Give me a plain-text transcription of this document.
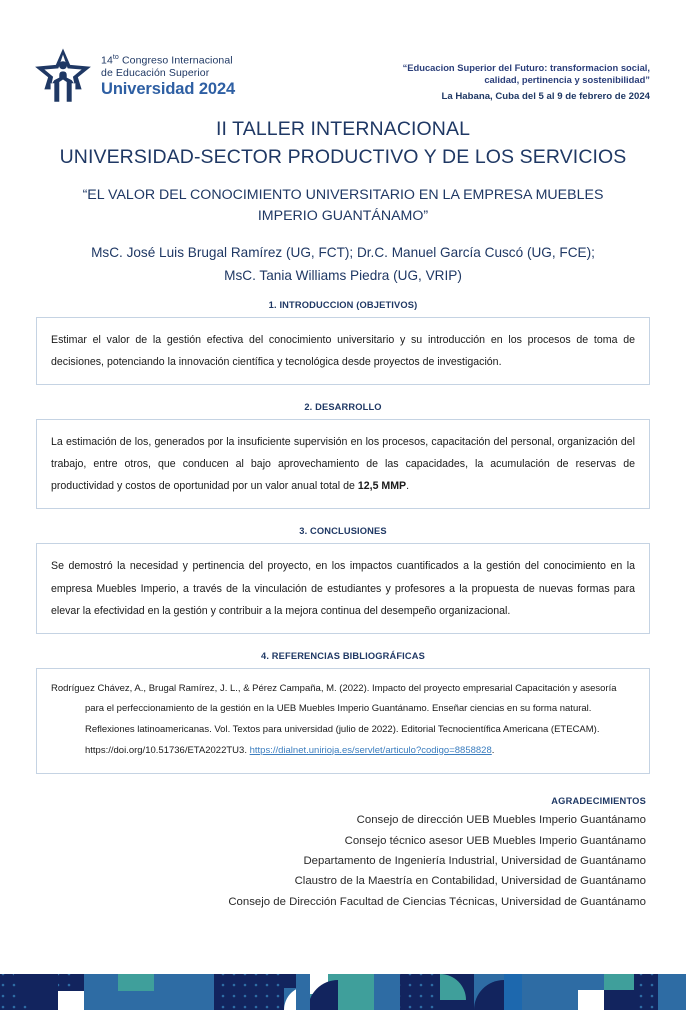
$14^{to}$ Congreso Internacional
de Educación Superior
Universidad 2024
“Educacion Superior del Futuro: transformacion social,
calidad, pertinencia y sostenibilidad”
La Habana, Cuba del 5 al 9 de febrero de 2024
II TALLER INTERNACIONAL
UNIVERSIDAD-SECTOR PRODUCTIVO Y DE LOS SERVICIOS
“EL VALOR DEL CONOCIMIENTO UNIVERSITARIO EN LA EMPRESA MUEBLES IMPERIO GUANTÁNAMO”
MsC. José Luis Brugal Ramírez (UG, FCT); Dr.C. Manuel García Cuscó (UG, FCE);
MsC. Tania Williams Piedra (UG, VRIP)
1. INTRODUCCION (OBJETIVOS)

Estimar el valor de la gestión efectiva del conocimiento universitario y su introducción en los procesos de toma de decisiones, potenciando la innovación científica y tecnológica desde proyectos de investigación.

2. DESARROLLO

La estimación de los, generados por la insuficiente supervisión en los procesos, capacitación del personal, organización del trabajo, entre otros, que conducen al bajo aprovechamiento de las capacidades, la acumulación de reservas de productividad y costos de oportunidad por un valor anual total de 12,5 MMP.

3. CONCLUSIONES

Se demostró la necesidad y pertinencia del proyecto, en los impactos cuantificados a la gestión del conocimiento en la empresa Muebles Imperio, a través de la vinculación de estudiantes y profesores a la propuesta de nuevas formas para elevar la efectividad en la gestión y contribuir a la mejora continua del desempeño organizacional.

4. REFERENCIAS BIBLIOGRÁFICAS

Rodríguez Chávez, A., Brugal Ramírez, J. L., & Pérez Campaña, M. (2022). Impacto del proyecto empresarial Capacitación y asesoría para el perfeccionamiento de la gestión en la UEB Muebles Imperio Guantánamo. Enseñar ciencias en su forma natural. Reflexiones latinoamericanas. Vol. Textos para universidad (julio de 2022). Editorial Tecnocientífica Americana (ETECAM). https://doi.org/10.51736/ETA2022TU3. https://dialnet.unirioja.es/servlet/articulo?codigo=8858828.

AGRADECIMIENTOS
Consejo de dirección UEB Muebles Imperio Guantánamo
Consejo técnico asesor UEB Muebles Imperio Guantánamo
Departamento de Ingeniería Industrial, Universidad de Guantánamo
Claustro de la Maestría en Contabilidad, Universidad de Guantánamo
Consejo de Dirección Facultad de Ciencias Técnicas, Universidad de Guantánamo
